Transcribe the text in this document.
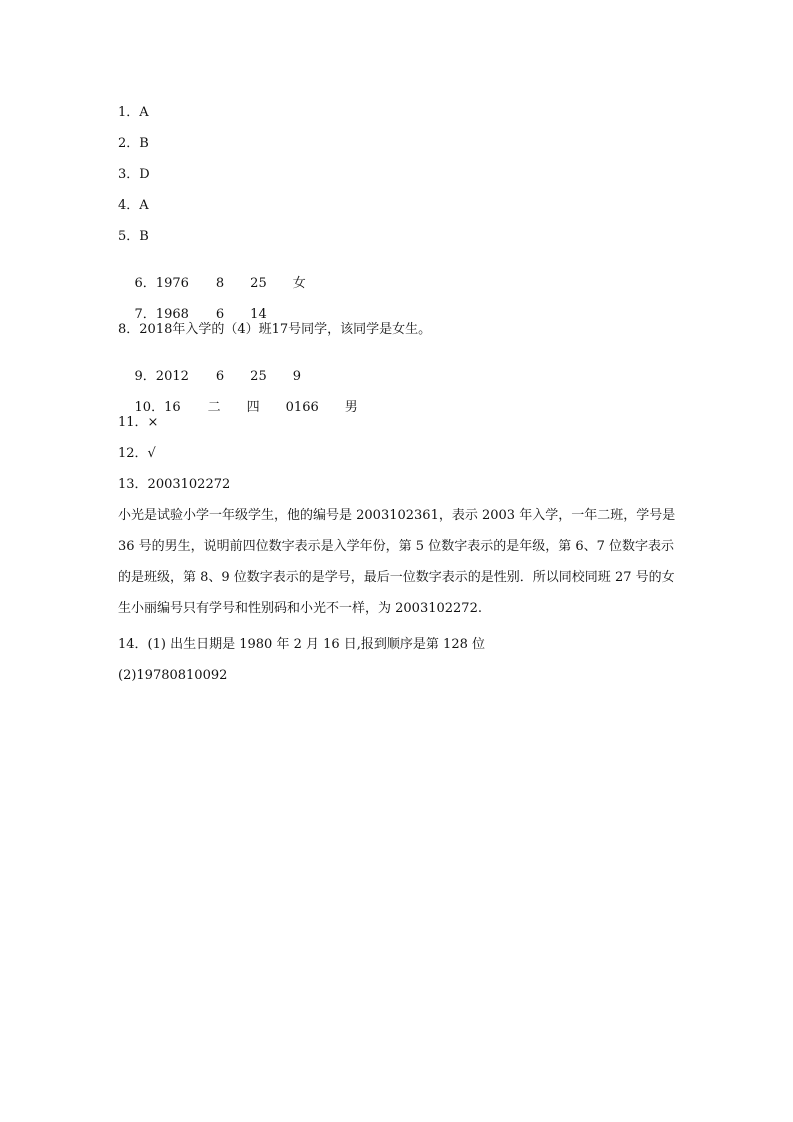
1．A
2．B
3．D
4．A
5．B

6．1976 8 25 女

7．1968 6 14

8．2018年入学的（4）班17号同学，该同学是女生。

9．2012 6 25 9

10．16 二 四 0166 男

11．×
12．√
13．2003102272
小光是试验小学一年级学生，他的编号是 2003102361，表示 2003 年入学，一年二班，学号是 36 号的男生，说明前四位数字表示是入学年份，第 5 位数字表示的是年级，第 6、7 位数字表示的是班级，第 8、9 位数字表示的是学号，最后一位数字表示的是性别．所以同校同班 27 号的女生小丽编号只有学号和性别码和小光不一样，为 2003102272.
14．(1) 出生日期是 1980 年 2 月 16 日,报到顺序是第 128 位
(2)19780810092
